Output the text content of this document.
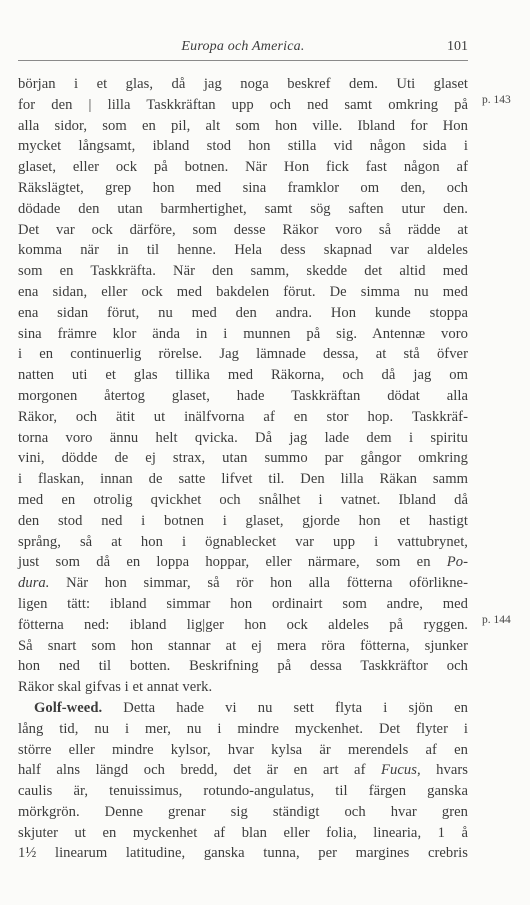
Europa och America.	101
början i et glas, då jag noga beskref dem. Uti glaset
for den | lilla Taskkräftan upp och ned samt omkring på
alla sidor, som en pil, alt som hon ville. Ibland for Hon
mycket långsamt, ibland stod hon stilla vid någon sida i
glaset, eller ock på botnen. När Hon fick fast någon af
Räkslägtet, grep hon med sina framklor om den, och
dödade den utan barmhertighet, samt sög saften utur den.
Det var ock därföre, som desse Räkor voro så rädde at
komma när in til henne. Hela dess skapnad var aldeles
som en Taskkräfta. När den samm, skedde det altid med
ena sidan, eller ock med bakdelen förut. De simma nu med
ena sidan förut, nu med den andra. Hon kunde stoppa
sina främre klor ända in i munnen på sig. Antennæ voro
i en continuerlig rörelse. Jag lämnade dessa, at stå öfver
natten uti et glas tillika med Räkorna, och då jag om
morgonen återtog glaset, hade Taskkräftan dödat alla
Räkor, och ätit ut inälfvorna af en stor hop. Taskkräf-
torna voro ännu helt qvicka. Då jag lade dem i spiritu
vini, dödde de ej strax, utan summo par gångor omkring
i flaskan, innan de satte lifvet til. Den lilla Räkan samm
med en otrolig qvickhet och snålhet i vatnet. Ibland då
den stod ned i botnen i glaset, gjorde hon et hastigt
språng, så at hon i ögnablecket var upp i vattubrynet,
just som då en loppa hoppar, eller närmare, som en Po-
dura. När hon simmar, så rör hon alla fötterna oförlikne-
ligen tätt: ibland simmar hon ordinairt som andre, med
fötterna ned: ibland lig|ger hon ock aldeles på ryggen.
Så snart som hon stannar at ej mera röra fötterna, sjunker
hon ned til botten. Beskrifning på dessa Taskkräftor och
Räkor skal gifvas i et annat verk.
Golf-weed. Detta hade vi nu sett flyta i sjön en
lång tid, nu i mer, nu i mindre myckenhet. Det flyter i
större eller mindre kylsor, hvar kylsa är merendels af en
half alns längd och bredd, det är en art af Fucus, hvars
caulis är, tenuissimus, rotundo-angulatus, til färgen ganska
mörkgrön. Denne grenar sig ständigt och hvar gren
skjuter ut en myckenhet af blan eller folia, linearia, 1 å
1½ linearum latitudine, ganska tunna, per margines crebris
p. 143
p. 144
